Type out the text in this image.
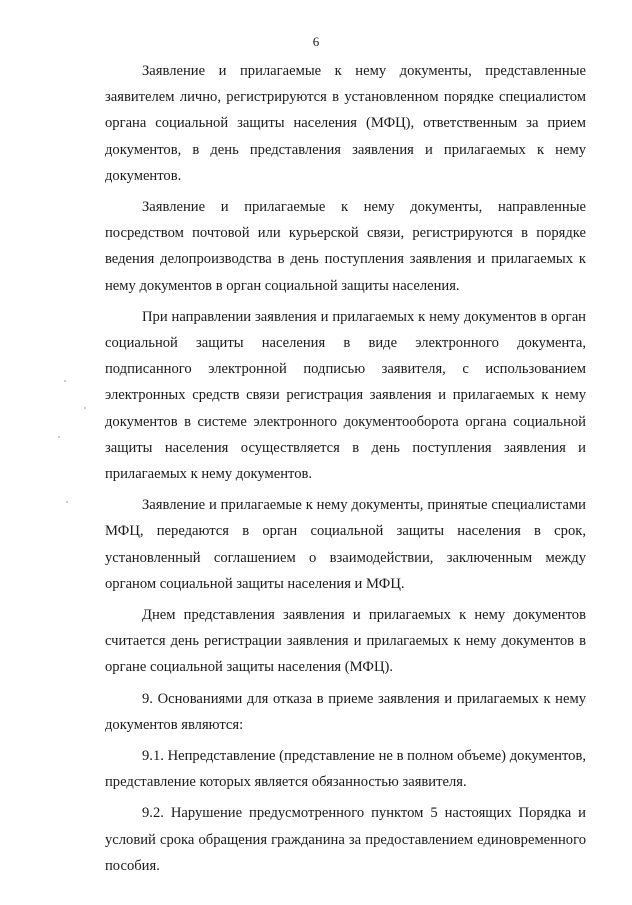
6

Заявление и прилагаемые к нему документы, представленные заявителем лично, регистрируются в установленном порядке специалистом органа социальной защиты населения (МФЦ), ответственным за прием документов, в день представления заявления и прилагаемых к нему документов.

Заявление и прилагаемые к нему документы, направленные посредством почтовой или курьерской связи, регистрируются в порядке ведения делопроизводства в день поступления заявления и прилагаемых к нему документов в орган социальной защиты населения.

При направлении заявления и прилагаемых к нему документов в орган социальной защиты населения в виде электронного документа, подписанного электронной подписью заявителя, с использованием электронных средств связи регистрация заявления и прилагаемых к нему документов в системе электронного документооборота органа социальной защиты населения осуществляется в день поступления заявления и прилагаемых к нему документов.

Заявление и прилагаемые к нему документы, принятые специалистами МФЦ, передаются в орган социальной защиты населения в срок, установленный соглашением о взаимодействии, заключенным между органом социальной защиты населения и МФЦ.

Днем представления заявления и прилагаемых к нему документов считается день регистрации заявления и прилагаемых к нему документов в органе социальной защиты населения (МФЦ).

9. Основаниями для отказа в приеме заявления и прилагаемых к нему документов являются:

9.1. Непредставление (представление не в полном объеме) документов, представление которых является обязанностью заявителя.

9.2. Нарушение предусмотренного пунктом 5 настоящих Порядка и условий срока обращения гражданина за предоставлением единовременного пособия.
